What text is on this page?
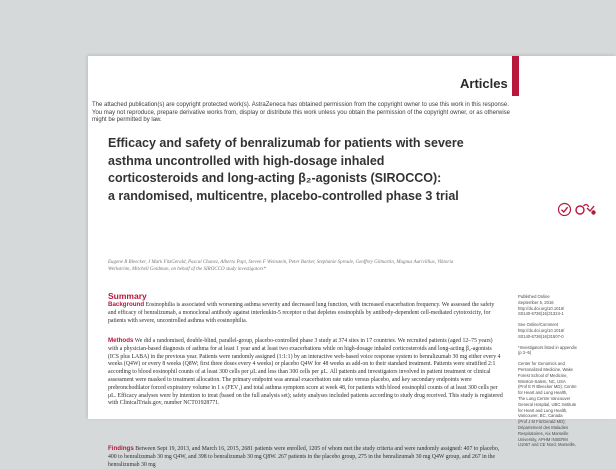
Articles
The attached publication(s) are copyright protected work(s). AstraZeneca has obtained permission from the copyright owner to use this work in this response. You may not reproduce, prepare derivative works from, display or distribute this work unless you obtain the permission of the copyright owner, or as otherwise might be permitted by law.
Efficacy and safety of benralizumab for patients with severe
asthma uncontrolled with high-dosage inhaled
corticosteroids and long-acting β₂-agonists (SIROCCO):
a randomised, multicentre, placebo-controlled phase 3 trial
Eugene R Bleecker, J Mark FitzGerald, Pascal Chanez, Alberto Papi, Steven F Weinstein, Peter Barker, Stephanie Sproule, Geoffrey Gilmartin, Magnus Aurivillius, Viktoria Werkström, Mitchell Goldman, on behalf of the SIROCCO study investigators*
Summary
Background Eosinophilia is associated with worsening asthma severity and decreased lung function, with increased exacerbation frequency. We assessed the safety and efficacy of benralizumab, a monoclonal antibody against interleukin-5 receptor α that depletes eosinophils by antibody-dependent cell-mediated cytotoxicity, for patients with severe, uncontrolled asthma with eosinophilia.
Methods We did a randomised, double-blind, parallel-group, placebo-controlled phase 3 study at 374 sites in 17 countries. We recruited patients (aged 12–75 years) with a physician-based diagnosis of asthma for at least 1 year and at least two exacerbations while on high-dosage inhaled corticosteroids and long-acting β₂-agonists (ICS plus LABA) in the previous year. Patients were randomly assigned (1:1:1) by an interactive web-based voice response system to benralizumab 30 mg either every 4 weeks (Q4W) or every 8 weeks (Q8W; first three doses every 4 weeks) or placebo Q4W for 48 weeks as add-on to their standard treatment. Patients were stratified 2:1 according to blood eosinophil counts of at least 300 cells per μL and less than 300 cells per μL. All patients and investigators involved in patient treatment or clinical assessment were masked to treatment allocation. The primary endpoint was annual exacerbation rate ratio versus placebo, and key secondary endpoints were prebronchodilator forced expiratory volume in 1 s (FEV₁) and total asthma symptom score at week 48, for patients with blood eosinophil counts of at least 300 cells per μL. Efficacy analyses were by intention to treat (based on the full analysis set); safety analyses included patients according to study drug received. This study is registered with ClinicalTrials.gov, number NCT01928771.
Findings Between Sept 19, 2013, and March 16, 2015, 2681 patients were enrolled, 1205 of whom met the study criteria and were randomly assigned: 407 to placebo, 400 to benralizumab 30 mg Q4W, and 398 to benralizumab 30 mg Q8W. 267 patients in the placebo group, 275 in the benralizumab 30 mg Q4W group, and 267 in the benralizumab 30 mg
Published Online
September 5, 2016
http://dx.doi.org/10.1016/
S0140-6736(16)31324-1
See Online/Comment
http://dx.doi.org/10.1016/
S0140-6736(16)31507-0
*Investigators listed in appendix
(p 2–5)
Center for Genomics and
Personalized Medicine, Wake
Forest School of Medicine,
Winston-Salem, NC, USA
(Prof E R Bleecker MD); Centre
for Heart and Lung Health,
The Lung Centre Vancouver
General Hospital, UBC Institute
for Heart and Lung Health,
Vancouver, BC, Canada
(Prof J M FitzGerald MD);
Département des Maladies
Respiratoires, Aix Marseille
University, APHM INSERM
U1067 and CE Nord, Marseille,
